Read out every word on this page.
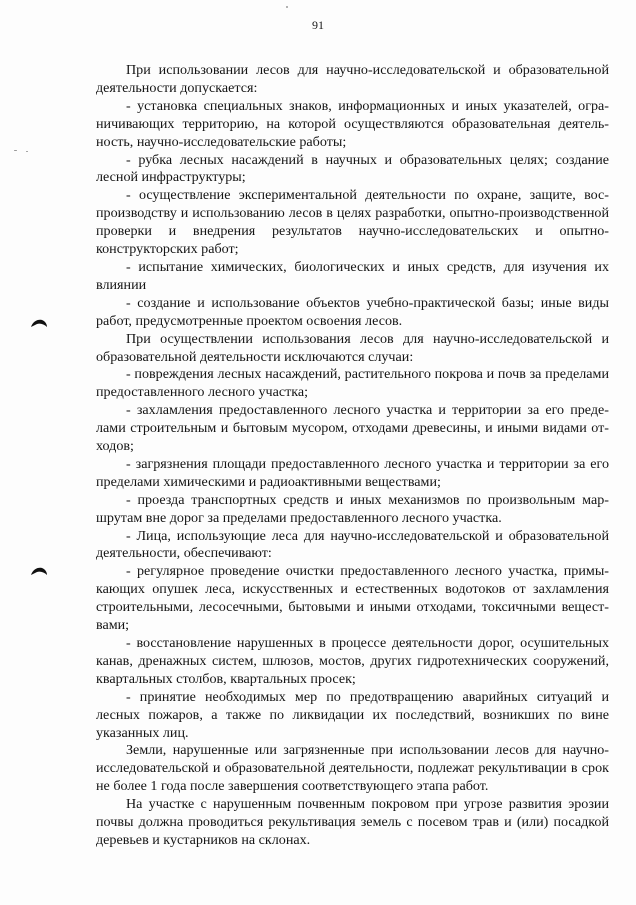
91

При использовании лесов для научно-исследовательской и образовательной деятельности допускается:

- установка специальных знаков, информационных и иных указателей, ограничивающих территорию, на которой осуществляются образовательная деятельность, научно-исследовательские работы;

- рубка лесных насаждений в научных и образовательных целях; создание лесной инфраструктуры;

- осуществление экспериментальной деятельности по охране, защите, воспроизводству и использованию лесов в целях разработки, опытно-производственной проверки и внедрения результатов научно-исследовательских и опытно-конструкторских работ;

- испытание химических, биологических и иных средств, для изучения их влиянии

- создание и использование объектов учебно-практической базы; иные виды работ, предусмотренные проектом освоения лесов.

При осуществлении использования лесов для научно-исследовательской и образовательной деятельности исключаются случаи:

- повреждения лесных насаждений, растительного покрова и почв за пределами предоставленного лесного участка;

- захламления предоставленного лесного участка и территории за его пределами строительным и бытовым мусором, отходами древесины, и иными видами отходов;

- загрязнения площади предоставленного лесного участка и территории за его пределами химическими и радиоактивными веществами;

- проезда транспортных средств и иных механизмов по произвольным маршрутам вне дорог за пределами предоставленного лесного участка.

- Лица, использующие леса для научно-исследовательской и образовательной деятельности, обеспечивают:

- регулярное проведение очистки предоставленного лесного участка, примыкающих опушек леса, искусственных и естественных водотоков от захламления строительными, лесосечными, бытовыми и иными отходами, токсичными веществами;

- восстановление нарушенных в процессе деятельности дорог, осушительных канав, дренажных систем, шлюзов, мостов, других гидротехнических сооружений, квартальных столбов, квартальных просек;

- принятие необходимых мер по предотвращению аварийных ситуаций и лесных пожаров, а также по ликвидации их последствий, возникших по вине указанных лиц.

Земли, нарушенные или загрязненные при использовании лесов для научно-исследовательской и образовательной деятельности, подлежат рекультивации в срок не более 1 года после завершения соответствующего этапа работ.

На участке с нарушенным почвенным покровом при угрозе развития эрозии почвы должна проводиться рекультивация земель с посевом трав и (или) посадкой деревьев и кустарников на склонах.
